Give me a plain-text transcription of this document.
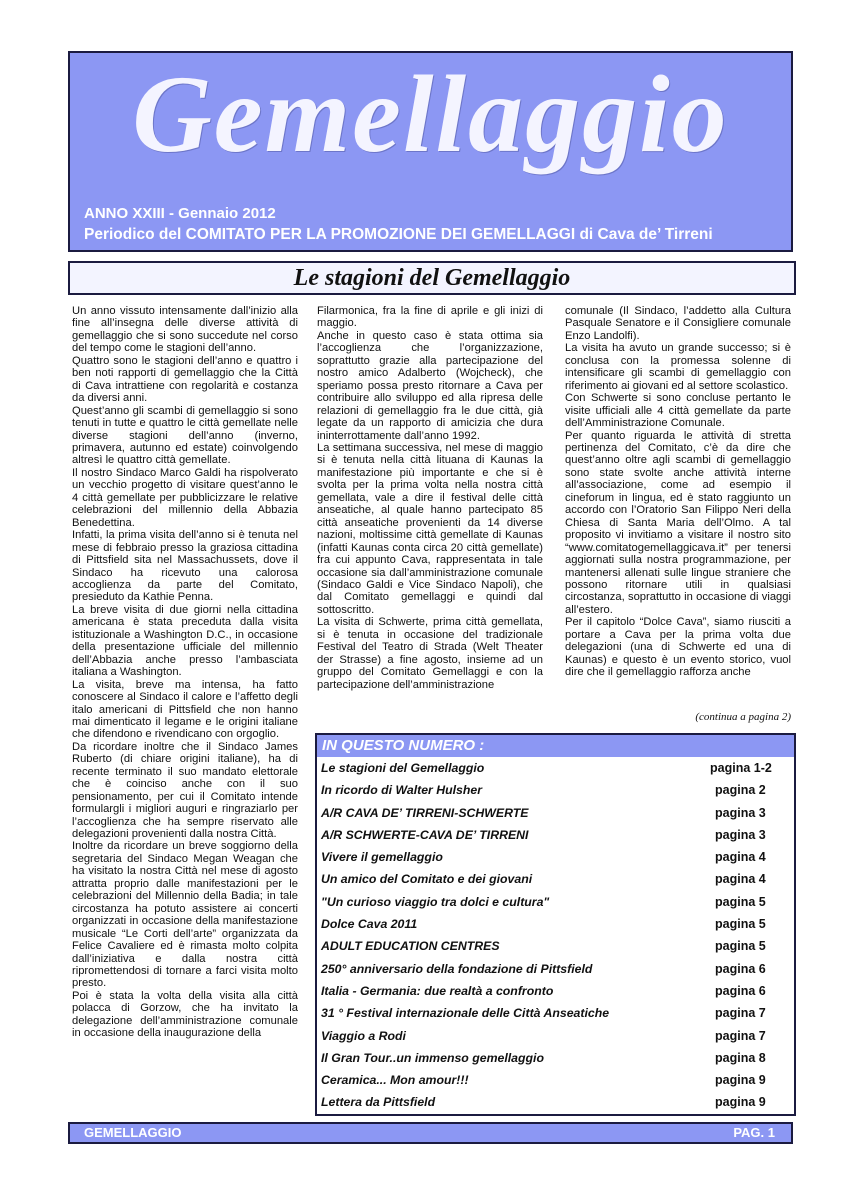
Gemellaggio
ANNO XXIII - Gennaio 2012
Periodico del COMITATO PER LA PROMOZIONE DEI GEMELLAGGI di Cava de’ Tirreni
Le stagioni del Gemellaggio

Un anno vissuto intensamente dall’inizio alla fine all’insegna delle diverse attività di gemellaggio che si sono succedute nel corso del tempo come le stagioni dell’anno.

Quattro sono le stagioni dell’anno e quattro i ben noti rapporti di gemellaggio che la Città di Cava intrattiene con regolarità e costanza da diversi anni.

Quest’anno gli scambi di gemellaggio si sono tenuti in tutte e quattro le città gemellate nelle diverse stagioni dell’anno (inverno, primavera, autunno ed estate) coinvolgendo altresì le quattro città gemellate.

Il nostro Sindaco Marco Galdi ha rispolverato un vecchio progetto di visitare quest’anno le 4 città gemellate per pubblicizzare le relative celebrazioni del millennio della Abbazia Benedettina.

Infatti, la prima visita dell’anno si è tenuta nel mese di febbraio presso la graziosa cittadina di Pittsfield sita nel Massachussets, dove il Sindaco ha ricevuto una calorosa accoglienza da parte del Comitato, presieduto da Kathie Penna.

La breve visita di due giorni nella cittadina americana è stata preceduta dalla visita istituzionale a Washington D.C., in occasione della presentazione ufficiale del millennio dell’Abbazia anche presso l’ambasciata italiana a Washington.

La visita, breve ma intensa, ha fatto conoscere al Sindaco il calore e l’affetto degli italo americani di Pittsfield che non hanno mai dimenticato il legame e le origini italiane che difendono e rivendicano con orgoglio.

Da ricordare inoltre che il Sindaco James Ruberto (di chiare origini italiane), ha di recente terminato il suo mandato elettorale che è coinciso anche con il suo pensionamento, per cui il Comitato intende formulargli i migliori auguri e ringraziarlo per l’accoglienza che ha sempre riservato alle delegazioni provenienti dalla nostra Città.

Inoltre da ricordare un breve soggiorno della segretaria del Sindaco Megan Weagan che ha visitato la nostra Città nel mese di agosto attratta proprio dalle manifestazioni per le celebrazioni del Millennio della Badia; in tale circostanza ha potuto assistere ai concerti organizzati in occasione della manifestazione musicale “Le Corti dell’arte” organizzata da Felice Cavaliere ed è rimasta molto colpita dall’iniziativa e dalla nostra città ripromettendosi di tornare a farci visita molto presto.

Poi è stata la volta della visita alla città polacca di Gorzow, che ha invitato la delegazione dell’amministrazione comunale in occasione della inaugurazione della

Filarmonica, fra la fine di aprile e gli inizi di maggio.

Anche in questo caso è stata ottima sia l’accoglienza che l’organizzazione, soprattutto grazie alla partecipazione del nostro amico Adalberto (Wojcheck), che speriamo possa presto ritornare a Cava per contribuire allo sviluppo ed alla ripresa delle relazioni di gemellaggio fra le due città, già legate da un rapporto di amicizia che dura ininterrottamente dall’anno 1992.

La settimana successiva, nel mese di maggio si è tenuta nella città lituana di Kaunas la manifestazione più importante e che si è svolta per la prima volta nella nostra città gemellata, vale a dire il festival delle città anseatiche, al quale hanno partecipato 85 città anseatiche provenienti da 14 diverse nazioni, moltissime città gemellate di Kaunas (infatti Kaunas conta circa 20 città gemellate) fra cui appunto Cava, rappresentata in tale occasione sia dall’amministrazione comunale (Sindaco Galdi e Vice Sindaco Napoli), che dal Comitato gemellaggi e quindi dal sottoscritto.

La visita di Schwerte, prima città gemellata, si è tenuta in occasione del tradizionale Festival del Teatro di Strada (Welt Theater der Strasse) a fine agosto, insieme ad un gruppo del Comitato Gemellaggi e con la partecipazione dell’amministrazione

comunale (Il Sindaco, l’addetto alla Cultura Pasquale Senatore e il Consigliere comunale Enzo Landolfi).

La visita ha avuto un grande successo; si è conclusa con la promessa solenne di intensificare gli scambi di gemellaggio con riferimento ai giovani ed al settore scolastico.

Con Schwerte si sono concluse pertanto le visite ufficiali alle 4 città gemellate da parte dell’Amministrazione Comunale.

Per quanto riguarda le attività di stretta pertinenza del Comitato, c’è da dire che quest’anno oltre agli scambi di gemellaggio sono state svolte anche attività interne all’associazione, come ad esempio il cineforum in lingua, ed è stato raggiunto un accordo con l’Oratorio San Filippo Neri della Chiesa di Santa Maria dell’Olmo. A tal proposito vi invitiamo a visitare il nostro sito “www.comitatogemellaggicava.it” per tenersi aggiornati sulla nostra programmazione, per mantenersi allenati sulle lingue straniere che possono ritornare utili in qualsiasi circostanza, soprattutto in occasione di viaggi all’estero.

Per il capitolo “Dolce Cava”, siamo riusciti a portare a Cava per la prima volta due delegazioni (una di Schwerte ed una di Kaunas) e questo è un evento storico, vuol dire che il gemellaggio rafforza anche

(continua a pagina 2)
IN QUESTO NUMERO :
Le stagioni del Gemellaggio	pagina 1-2
In ricordo di Walter Hulsher	pagina 2
A/R CAVA DE’ TIRRENI-SCHWERTE	pagina 3
A/R SCHWERTE-CAVA DE’ TIRRENI	pagina 3
Vivere il gemellaggio	pagina 4
Un amico del Comitato e dei giovani	pagina 4
"Un curioso viaggio tra dolci e cultura"	pagina 5
Dolce Cava 2011	pagina 5
ADULT EDUCATION CENTRES	pagina 5
250° anniversario della fondazione di Pittsfield	pagina 6
Italia - Germania: due realtà a confronto	pagina 6
31 ° Festival internazionale delle Città Anseatiche	pagina 7
Viaggio a Rodi	pagina 7
Il Gran Tour..un immenso gemellaggio	pagina 8
Ceramica... Mon amour!!!	pagina 9
Lettera da Pittsfield	pagina 9
GEMELLAGGIO	PAG. 1
